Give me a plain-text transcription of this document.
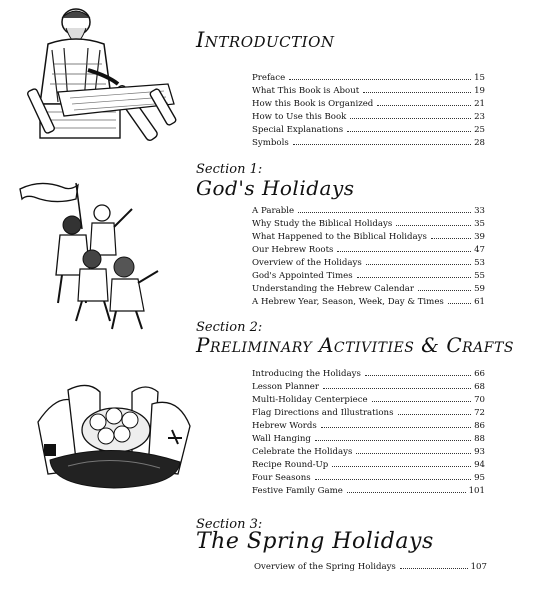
Introduction
Preface	15
What This Book is About	19
How this Book is Organized	21
How to Use this Book	23
Special Explanations	25
Symbols	28
Section 1:
God's Holidays
A Parable	33
Why Study the Biblical Holidays	35
What Happened to the Biblical Holidays	39
Our Hebrew Roots	47
Overview of the Holidays	53
God's Appointed Times	55
Understanding the Hebrew Calendar	59
A Hebrew Year, Season, Week, Day & Times	61
Section 2:
Preliminary Activities & Crafts
Introducing the Holidays	66
Lesson Planner	68
Multi-Holiday Centerpiece	70
Flag Directions and Illustrations	72
Hebrew Words	86
Wall Hanging	88
Celebrate the Holidays	93
Recipe Round-Up	94
Four Seasons	95
Festive Family Game	101
Section 3:
The Spring Holidays
Overview of the Spring Holidays	107
